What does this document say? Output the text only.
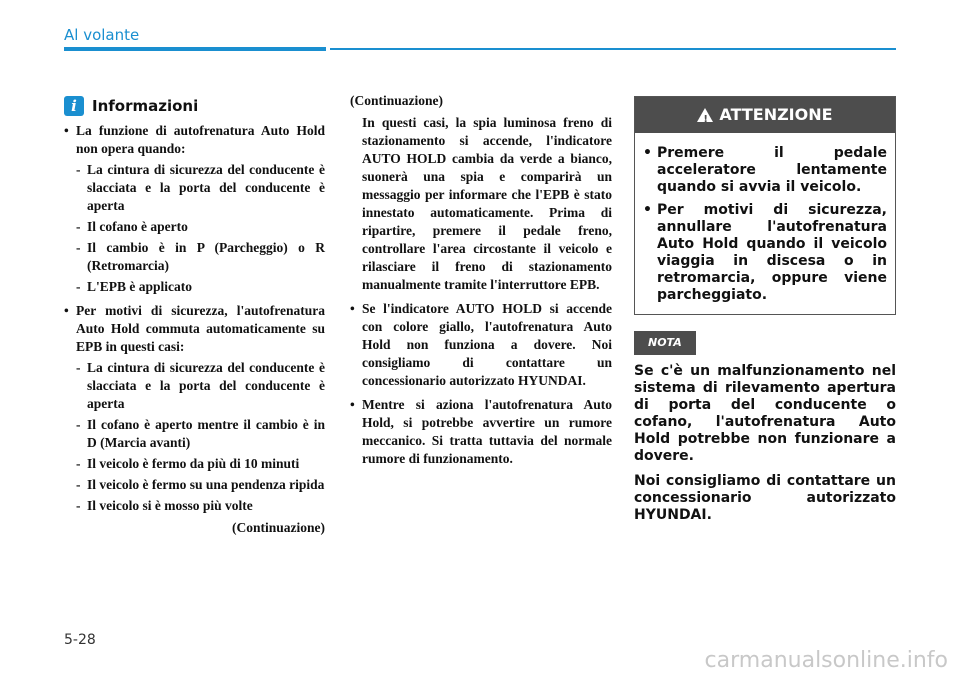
Al volante
i	Informazioni
• La funzione di autofrenatura Auto Hold non opera quando:
- La cintura di sicurezza del conducente è slacciata e la porta del conducente è aperta
- Il cofano è aperto
- Il cambio è in P (Parcheggio) o R (Retromarcia)
- L'EPB è applicato
• Per motivi di sicurezza, l'autofrenatura Auto Hold commuta automaticamente su EPB in questi casi:
- La cintura di sicurezza del conducente è slacciata e la porta del conducente è aperta
- Il cofano è aperto mentre il cambio è in D (Marcia avanti)
- Il veicolo è fermo da più di 10 minuti
- Il veicolo è fermo su una pendenza ripida
- Il veicolo si è mosso più volte
(Continuazione)
(Continuazione)
In questi casi, la spia luminosa freno di stazionamento si accende, l'indicatore AUTO HOLD cambia da verde a bianco, suonerà una spia e comparirà un messaggio per informare che l'EPB è stato innestato automaticamente. Prima di ripartire, premere il pedale freno, controllare l'area circostante il veicolo e rilasciare il freno di stazionamento manualmente tramite l'interruttore EPB.
• Se l'indicatore AUTO HOLD si accende con colore giallo, l'autofrenatura Auto Hold non funziona a dovere. Noi consigliamo di contattare un concessionario autorizzato HYUNDAI.
• Mentre si aziona l'autofrenatura Auto Hold, si potrebbe avvertire un rumore meccanico. Si tratta tuttavia del normale rumore di funzionamento.
! ATTENZIONE
• Premere il pedale acceleratore lentamente quando si avvia il veicolo.
• Per motivi di sicurezza, annullare l'autofrenatura Auto Hold quando il veicolo viaggia in discesa o in retromarcia, oppure viene parcheggiato.
NOTA
Se c'è un malfunzionamento nel sistema di rilevamento apertura di porta del conducente o cofano, l'autofrenatura Auto Hold potrebbe non funzionare a dovere.
Noi consigliamo di contattare un concessionario autorizzato HYUNDAI.
5-28
carmanualsonline.info
